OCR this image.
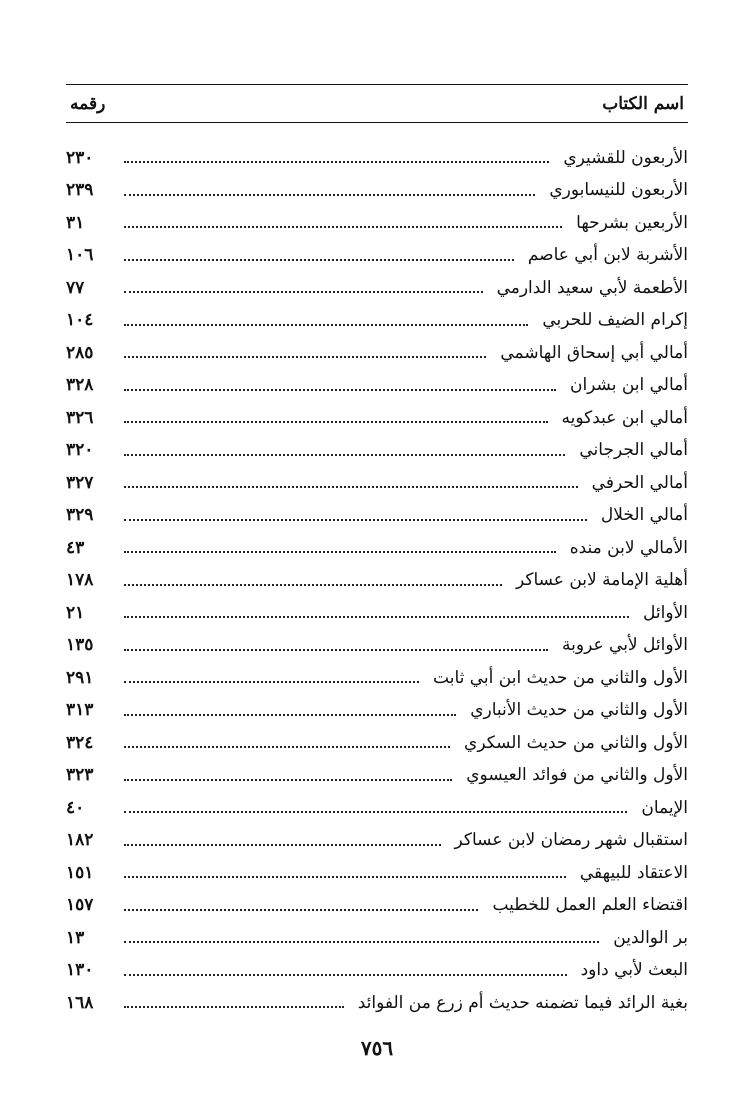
اسم الكتاب
رقمه
الأربعون للقشيري
٢٣٠
الأربعون للنيسابوري
٢٣٩
الأربعين بشرحها
٣١
الأشربة لابن أبي عاصم
١٠٦
الأطعمة لأبي سعيد الدارمي
٧٧
إكرام الضيف للحربي
١٠٤
أمالي أبي إسحاق الهاشمي
٢٨٥
أمالي ابن بشران
٣٢٨
أمالي ابن عبدكويه
٣٢٦
أمالي الجرجاني
٣٢٠
أمالي الحرفي
٣٢٧
أمالي الخلال
٣٢٩
الأمالي لابن منده
٤٣
أهلية الإمامة لابن عساكر
١٧٨
الأوائل
٢١
الأوائل لأبي عروبة
١٣٥
الأول والثاني من حديث ابن أبي ثابت
٢٩١
الأول والثاني من حديث الأنباري
٣١٣
الأول والثاني من حديث السكري
٣٢٤
الأول والثاني من فوائد العيسوي
٣٢٣
الإيمان
٤٠
استقبال شهر رمضان لابن عساكر
١٨٢
الاعتقاد للبيهقي
١٥١
اقتضاء العلم العمل للخطيب
١٥٧
بر الوالدين
١٣
البعث لأبي داود
١٣٠
بغية الرائد فيما تضمنه حديث أم زرع من الفوائد
١٦٨
٧٥٦
